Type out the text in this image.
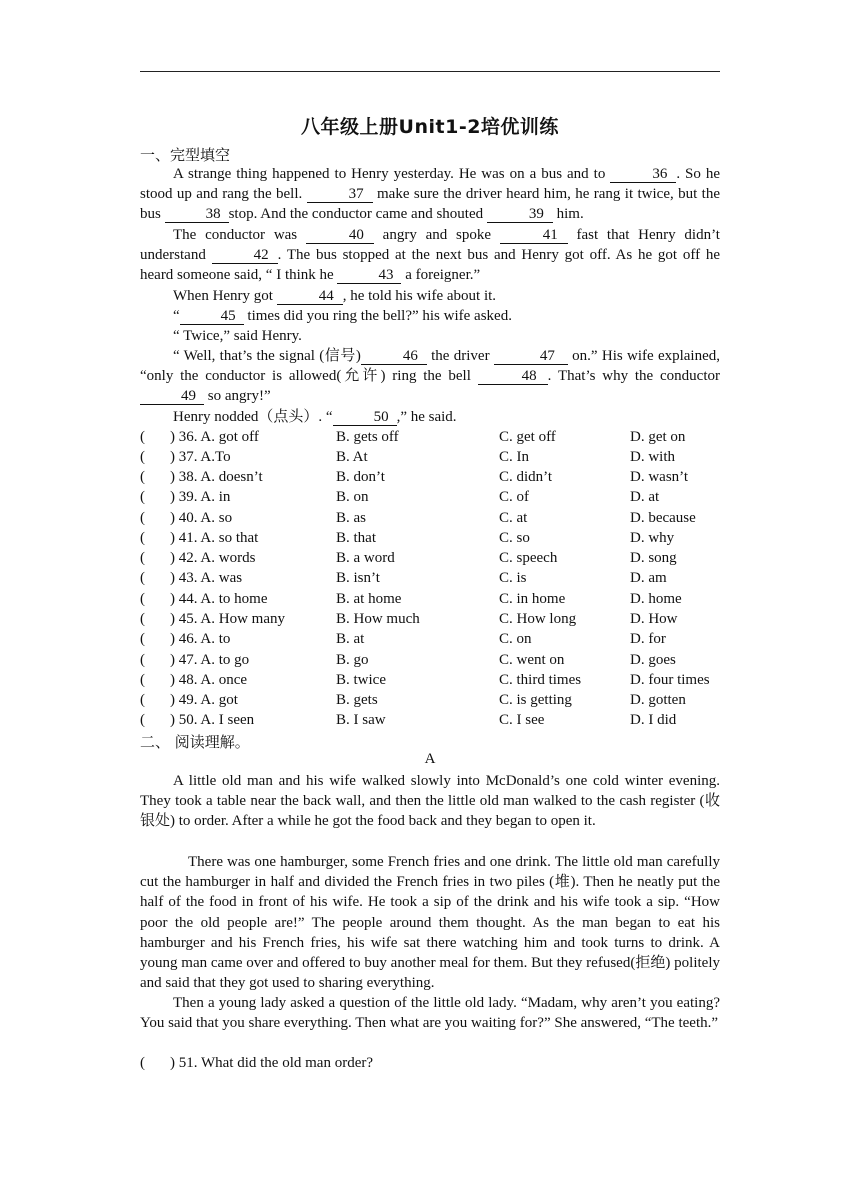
八年级上册Unit1-2培优训练
一、完型填空
A strange thing happened to Henry yesterday. He was on a bus and to	36 . So he stood up and rang the bell.	37 make sure the driver heard him, he rang it twice, but the bus	38 stop. And the conductor came and shouted	39 him.
The conductor was	40 angry and spoke	41 fast that Henry didn’t understand	42 . The bus stopped at the next bus and Henry got off. As he got off he heard someone said, “ I think he	43 a foreigner.”
When Henry got	44 , he told his wife about it.
“	45 times did you ring the bell?” his wife asked.
“ Twice,” said Henry.
“ Well, that’s the signal (信号)	46 the driver	47 on.” His wife explained, “only the conductor is allowed(允许) ring the bell	48 . That’s why the conductor 49 so angry!”
Henry nodded（点头）. “	50 ,” he said.
( ) 36. A. got off	B. gets off	C. get off	D. get on
( ) 37. A.To	B. At	C. In	D. with
( ) 38. A. doesn’t	B. don’t	C. didn’t	D. wasn’t
( ) 39. A. in	B. on	C. of	D. at
( ) 40. A. so	B. as	C. at	D. because
( ) 41. A. so that	B. that	C. so	D. why
( ) 42. A. words	B. a word	C. speech	D. song
( ) 43. A. was	B. isn’t	C. is	D. am
( ) 44. A. to home	B. at home	C. in home	D. home
( ) 45. A. How many	B. How much	C. How long	D. How
( ) 46. A. to	B. at	C. on	D. for
( ) 47. A. to go	B. go	C. went on	D. goes
( ) 48. A. once	B. twice	C. third times	D. four times
( ) 49. A. got	B. gets	C. is getting	D. gotten
( ) 50. A. I seen	B. I saw	C. I see	D. I did
二、 阅读理解。
A
A little old man and his wife walked slowly into McDonald’s one cold winter evening. They took a table near the back wall, and then the little old man walked to the cash register (收银处) to order. After a while he got the food back and they began to open it.
There was one hamburger, some French fries and one drink. The little old man carefully cut the hamburger in half and divided the French fries in two piles (堆). Then he neatly put the half of the food in front of his wife. He took a sip of the drink and his wife took a sip. “How poor the old people are!” The people around them thought. As the man began to eat his hamburger and his French fries, his wife sat there watching him and took turns to drink. A young man came over and offered to buy another meal for them. But they refused(拒绝) politely and said that they got used to sharing everything.
Then a young lady asked a question of the little old lady. “Madam, why aren’t you eating? You said that you share everything. Then what are you waiting for?” She answered, “The teeth.”
( ) 51. What did the old man order?
